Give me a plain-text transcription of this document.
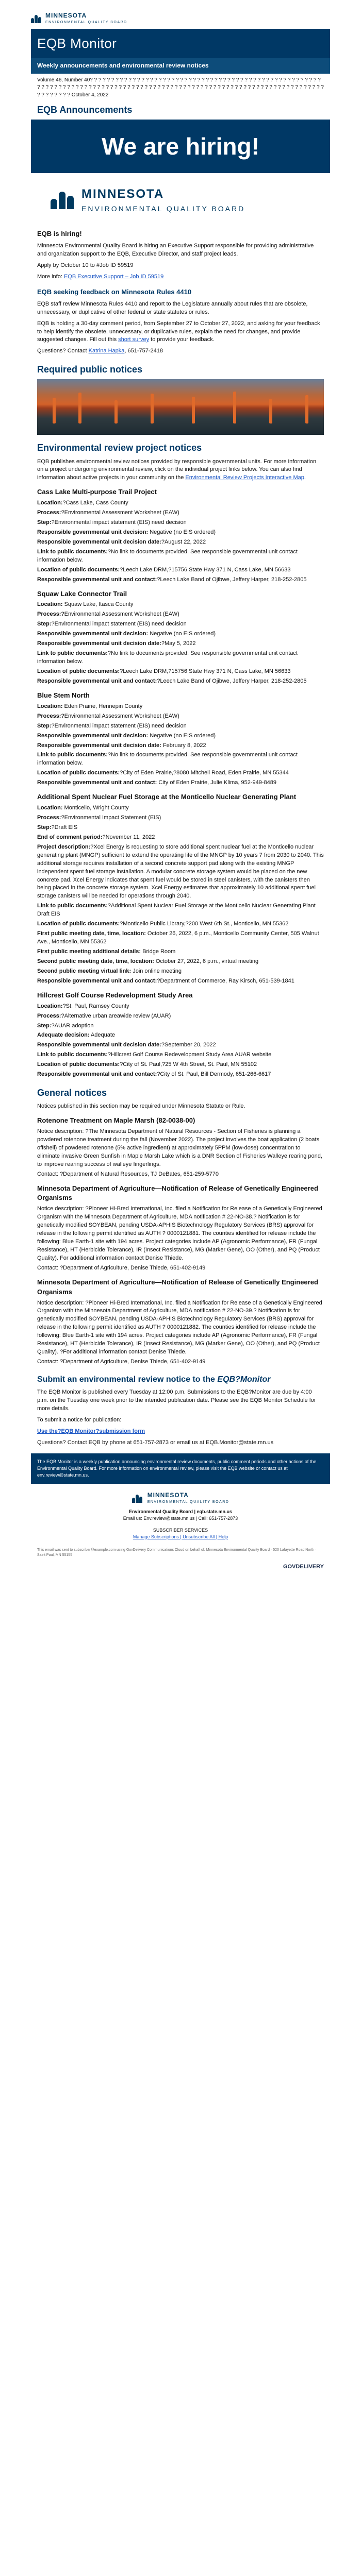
MINNESOTA
ENVIRONMENTAL QUALITY BOARD
EQB Monitor
Weekly announcements and environmental review notices
Volume 46, Number 40? ? ? ? ? ? ? ? ? ? ? ? ? ? ? ? ? ? ? ? ? ? ? ? ? ? ? ? ? ? ? ? ? ? ? ? ? ? ? ? ? ? ? ? ? ? ? ? ? ? ? ? ? ? ? ? ? ? ? ? ? ? ? ? ? ? ? ? ? ? ? ? ? ? ? ? ? ? ? ? ? ? ? ? ? ? ? ? ? ? ? ? ? ? ? ? ? ? ? ? ? ? ? ? ? ? ? ? ? ? ? ? ? ? ? ? ? ? ? ? ? ? ? ? ? ? ? ? ? October 4, 2022
EQB Announcements
We are hiring!
MINNESOTA
ENVIRONMENTAL QUALITY BOARD
EQB is hiring!

Minnesota Environmental Quality Board is hiring an Executive Support responsible for providing administrative and organization support to the EQB, Executive Director, and staff project leads.

Apply by October 10 to #Job ID 59519

More info: EQB Executive Support – Job ID 59519

EQB seeking feedback on Minnesota Rules 4410

EQB staff review Minnesota Rules 4410 and report to the Legislature annually about rules that are obsolete, unnecessary, or duplicative of other federal or state statutes or rules.

EQB is holding a 30-day comment period, from September 27 to October 27, 2022, and asking for your feedback to help identify the obsolete, unnecessary, or duplicative rules, explain the need for changes, and provide suggested changes. Fill out this short survey to provide your feedback.

Questions? Contact Katrina Hapka, 651-757-2418

Required public notices
Environmental review project notices

EQB publishes environmental review notices provided by responsible governmental units. For more information on a project undergoing environmental review, click on the individual project links below. You can also find information about active projects in your community on the Environmental Review Projects Interactive Map.

Cass Lake Multi-purpose Trail Project
Location:?Cass Lake, Cass County
Process:?Environmental Assessment Worksheet (EAW)
Step:?Environmental impact statement (EIS) need decision
Responsible governmental unit decision: Negative (no EIS ordered)
Responsible governmental unit decision date:?August 22, 2022
Link to public documents:?No link to documents provided. See responsible governmental unit contact information below.
Location of public documents:?Leech Lake DRM,?15756 State Hwy 371 N, Cass Lake, MN 56633
Responsible governmental unit and contact:?Leech Lake Band of Ojibwe, Jeffery Harper, 218-252-2805
Squaw Lake Connector Trail
Location: Squaw Lake, Itasca County
Process:?Environmental Assessment Worksheet (EAW)
Step:?Environmental impact statement (EIS) need decision
Responsible governmental unit decision: Negative (no EIS ordered)
Responsible governmental unit decision date:?May 5, 2022
Link to public documents:?No link to documents provided. See responsible governmental unit contact information below.
Location of public documents:?Leech Lake DRM,?15756 State Hwy 371 N, Cass Lake, MN 56633
Responsible governmental unit and contact:?Leech Lake Band of Ojibwe, Jeffery Harper, 218-252-2805
Blue Stem North
Location: Eden Prairie, Hennepin County
Process:?Environmental Assessment Worksheet (EAW)
Step:?Environmental impact statement (EIS) need decision
Responsible governmental unit decision: Negative (no EIS ordered)
Responsible governmental unit decision date: February 8, 2022
Link to public documents:?No link to documents provided. See responsible governmental unit contact information below.
Location of public documents:?City of Eden Prairie,?8080 Mitchell Road, Eden Prairie, MN 55344
Responsible governmental unit and contact: City of Eden Prairie, Julie Klima, 952-949-8489
Additional Spent Nuclear Fuel Storage at the Monticello Nuclear Generating Plant
Location: Monticello, Wright County
Process:?Environmental Impact Statement (EIS)
Step:?Draft EIS
End of comment period:?November 11, 2022
Project description:?Xcel Energy is requesting to store additional spent nuclear fuel at the Monticello nuclear generating plant (MNGP) sufficient to extend the operating life of the MNGP by 10 years 7 from 2030 to 2040. This additional storage requires installation of a second concrete support pad along with the existing MNGP independent spent fuel storage installation. A modular concrete storage system would be placed on the new concrete pad. Xcel Energy indicates that spent fuel would be stored in steel canisters, with the canisters then being placed in the concrete storage system. Xcel Energy estimates that approximately 10 additional spent fuel storage canisters will be needed for operations through 2040.
Link to public documents:?Additional Spent Nuclear Fuel Storage at the Monticello Nuclear Generating Plant Draft EIS
Location of public documents:?Monticello Public Library,?200 West 6th St., Monticello, MN 55362
First public meeting date, time, location: October 26, 2022, 6 p.m., Monticello Community Center, 505 Walnut Ave., Monticello, MN 55362
First public meeting additional details: Bridge Room
Second public meeting date, time, location: October 27, 2022, 6 p.m., virtual meeting
Second public meeting virtual link: Join online meeting
Responsible governmental unit and contact:?Department of Commerce, Ray Kirsch, 651-539-1841
Hillcrest Golf Course Redevelopment Study Area
Location:?St. Paul, Ramsey County
Process:?Alternative urban areawide review (AUAR)
Step:?AUAR adoption
Adequate decision: Adequate
Responsible governmental unit decision date:?September 20, 2022
Link to public documents:?Hillcrest Golf Course Redevelopment Study Area AUAR website
Location of public documents:?City of St. Paul,?25 W 4th Street, St. Paul, MN 55102
Responsible governmental unit and contact:?City of St. Paul, Bill Dermody, 651-266-6617
General notices

Notices published in this section may be required under Minnesota Statute or Rule.

Rotenone Treatment on Maple Marsh (82-0038-00)
Notice description: ?The Minnesota Department of Natural Resources - Section of Fisheries is planning a powdered rotenone treatment during the fall (November 2022). The project involves the boat application (2 boats offshell) of powdered rotenone (5% active ingredient) at approximately 5PPM (low-dose) concentration to eliminate invasive Green Sunfish in Maple Marsh Lake which is a DNR Section of Fisheries Walleye rearing pond, to improve rearing success of walleye fingerlings.
Contact: ?Department of Natural Resources, TJ DeBates, 651-259-5770
Minnesota Department of Agriculture—Notification of Release of Genetically Engineered Organisms
Notice description: ?Pioneer Hi-Bred International, Inc. filed a Notification for Release of a Genetically Engineered Organism with the Minnesota Department of Agriculture, MDA notification # 22-NO-38.? Notification is for genetically modified SOYBEAN, pending USDA-APHIS Biotechnology Regulatory Services (BRS) approval for release in the following permit identified as AUTH ? 0000121881. The counties identified for release include the following: Blue Earth-1 site with 194 acres. Project categories include AP (Agronomic Performance), FR (Fungal Resistance), HT (Herbicide Tolerance), IR (Insect Resistance), MG (Marker Gene), OO (Other), and PQ (Product Quality). For additional information contact Denise Thiede.
Contact: ?Department of Agriculture, Denise Thiede, 651-402-9149
Minnesota Department of Agriculture—Notification of Release of Genetically Engineered Organisms
Notice description: ?Pioneer Hi-Bred International, Inc. filed a Notification for Release of a Genetically Engineered Organism with the Minnesota Department of Agriculture, MDA notification # 22-NO-39.? Notification is for genetically modified SOYBEAN, pending USDA-APHIS Biotechnology Regulatory Services (BRS) approval for release in the following permit identified as AUTH ? 0000121882. The counties identified for release include the following: Blue Earth-1 site with 194 acres. Project categories include AP (Agronomic Performance), FR (Fungal Resistance), HT (Herbicide Tolerance), IR (Insect Resistance), MG (Marker Gene), OO (Other), and PQ (Product Quality). ?For additional information contact Denise Thiede.
Contact: ?Department of Agriculture, Denise Thiede, 651-402-9149
Submit an environmental review notice to the EQB?Monitor

The EQB Monitor is published every Tuesday at 12:00 p.m. Submissions to the EQB?Monitor are due by 4:00 p.m. on the Tuesday one week prior to the intended publication date. Please see the EQB Monitor Schedule for more details.

To submit a notice for publication:

Use the?EQB Monitor?submission form

Questions? Contact EQB by phone at 651-757-2873 or email us at EQB.Monitor@state.mn.us

The EQB Monitor is a weekly publication announcing environmental review documents, public comment periods and other actions of the Environmental Quality Board. For more information on environmental review, please visit the EQB website or contact us at env.review@state.mn.us.
MINNESOTA
ENVIRONMENTAL QUALITY BOARD
Environmental Quality Board | eqb.state.mn.us
Email us: Env.review@state.mn.us | Call: 651-757-2873
SUBSCRIBER SERVICES
Manage Subscriptions | Unsubscribe All | Help
GOVDELIVERY
This email was sent to subscriber@example.com using GovDelivery Communications Cloud on behalf of: Minnesota Environmental Quality Board · 520 Lafayette Road North · Saint Paul, MN 55155
